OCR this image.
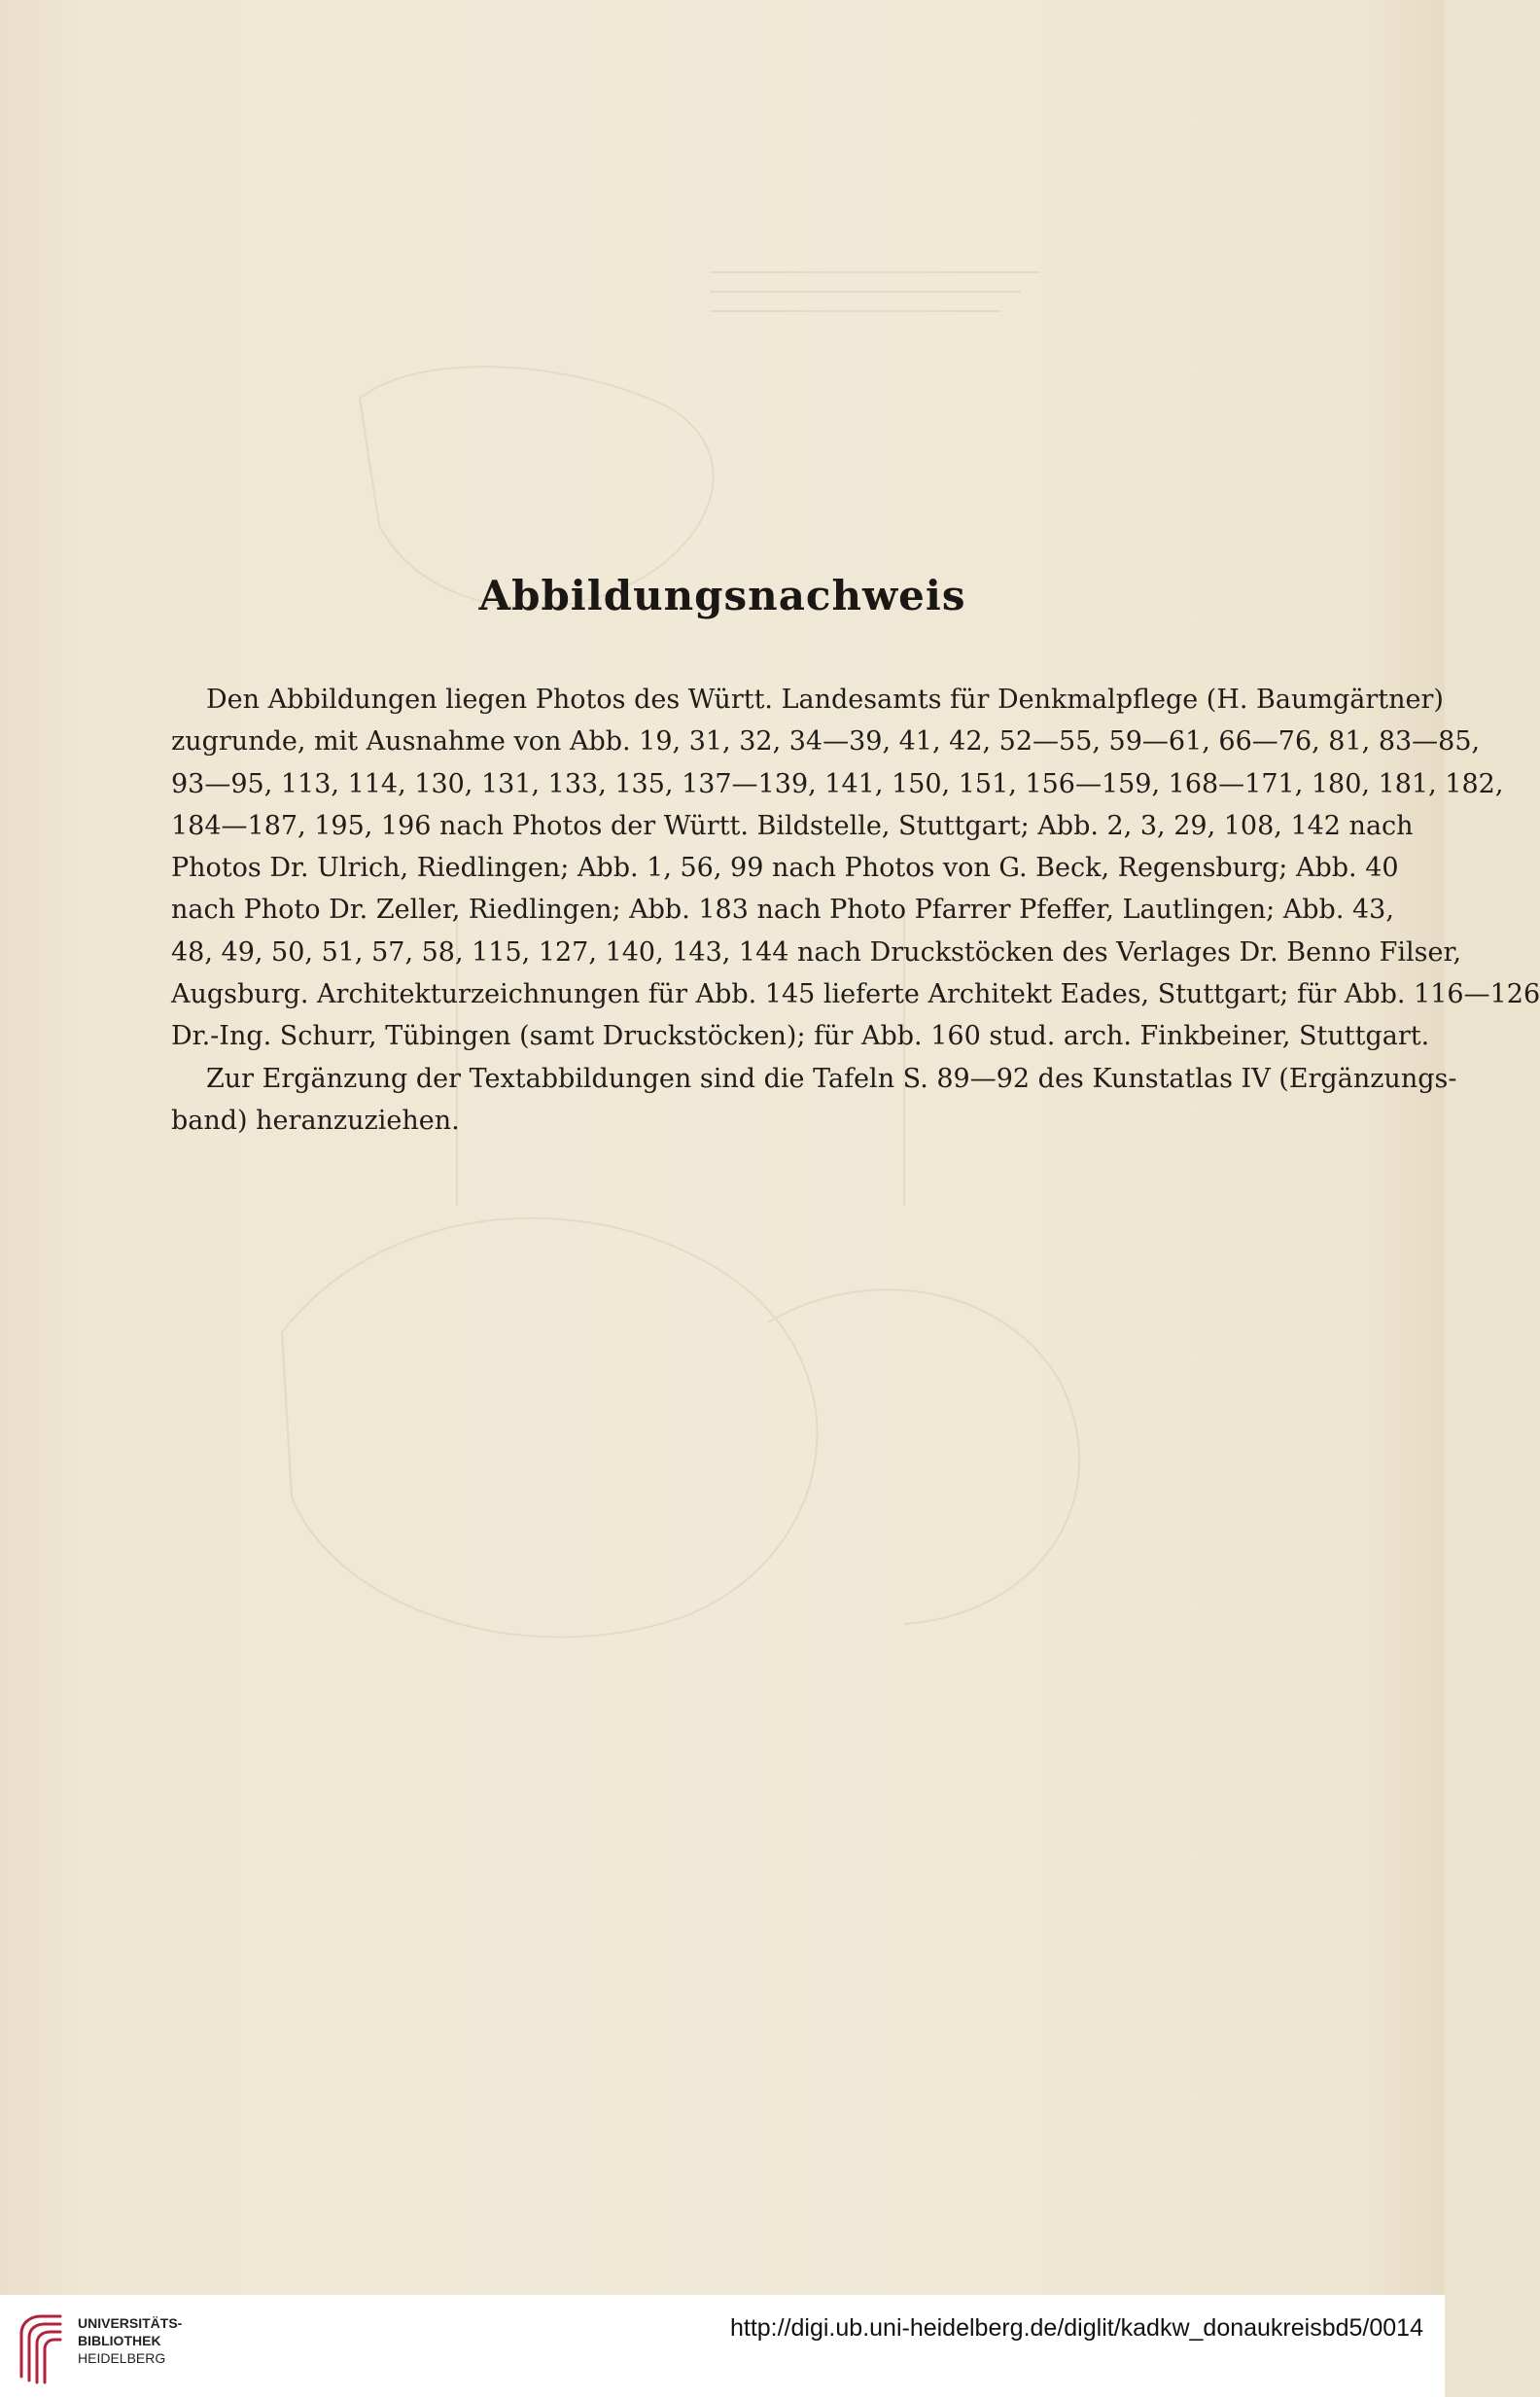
Abbildungsnachweis
Den Abbildungen liegen Photos des Württ. Landesamts für Denkmalpflege (H. Baumgärtner)
zugrunde, mit Ausnahme von Abb. 19, 31, 32, 34—39, 41, 42, 52—55, 59—61, 66—76, 81, 83—85,
93—95, 113, 114, 130, 131, 133, 135, 137—139, 141, 150, 151, 156—159, 168—171, 180, 181, 182,
184—187, 195, 196 nach Photos der Württ. Bildstelle, Stuttgart; Abb. 2, 3, 29, 108, 142 nach
Photos Dr. Ulrich, Riedlingen; Abb. 1, 56, 99 nach Photos von G. Beck, Regensburg; Abb. 40
nach Photo Dr. Zeller, Riedlingen; Abb. 183 nach Photo Pfarrer Pfeffer, Lautlingen; Abb. 43,
48, 49, 50, 51, 57, 58, 115, 127, 140, 143, 144 nach Druckstöcken des Verlages Dr. Benno Filser,
Augsburg. Architekturzeichnungen für Abb. 145 lieferte Architekt Eades, Stuttgart; für Abb. 116—126
Dr.-Ing. Schurr, Tübingen (samt Druckstöcken); für Abb. 160 stud. arch. Finkbeiner, Stuttgart.
Zur Ergänzung der Textabbildungen sind die Tafeln S. 89—92 des Kunstatlas IV (Ergänzungs-
band) heranzuziehen.
UNIVERSITÄTS-
BIBLIOTHEK
HEIDELBERG
http://digi.ub.uni-heidelberg.de/diglit/kadkw_donaukreisbd5/0014
